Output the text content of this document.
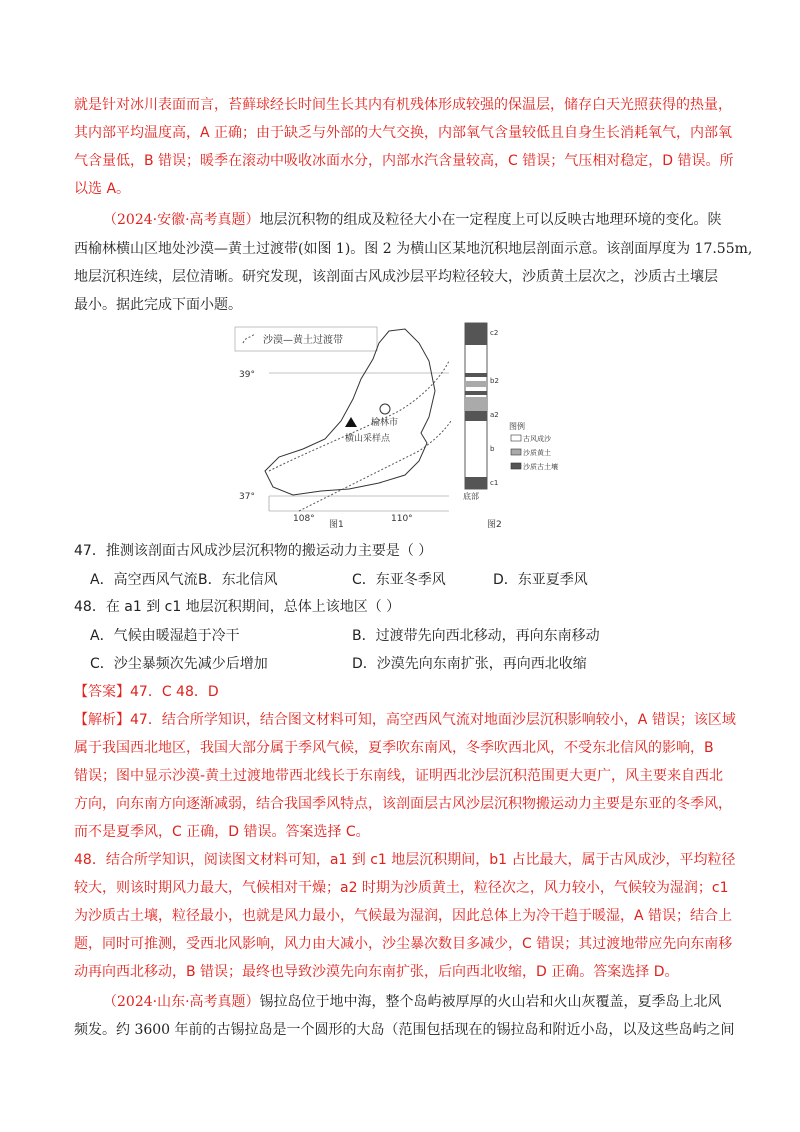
就是针对冰川表面而言，苔藓球经长时间生长其内有机残体形成较强的保温层，储存白天光照获得的热量，

其内部平均温度高，A 正确；由于缺乏与外部的大气交换，内部氧气含量较低且自身生长消耗氧气，内部氧

气含量低，B 错误；暖季在滚动中吸收冰面水分，内部水汽含量较高，C 错误；气压相对稳定，D 错误。所

以选 A。

（2024·安徽·高考真题）地层沉积物的组成及粒径大小在一定程度上可以反映古地理环境的变化。陕

西榆林横山区地处沙漠—黄土过渡带(如图 1)。图 2 为横山区某地沉积地层剖面示意。该剖面厚度为 17.55m,

地层沉积连续，层位清晰。研究发现，该剖面古风成沙层平均粒径较大，沙质黄土层次之，沙质古土壤层

最小。据此完成下面小题。

沙漠—黄土过渡带
39°
37°
108°	110°
榆林市
横山采样点
图1
c2
b2
a2
b
c1
底部
图例
古风成沙
沙质黄土
沙质古土壤
图2

47．推测该剖面古风成沙层沉积物的搬运动力主要是（ ）

A．高空西风气流 B．东北信风	C．东亚冬季风	D．东亚夏季风

48．在 a1 到 c1 地层沉积期间，总体上该地区（ ）

A．气候由暖湿趋于冷干	B．过渡带先向西北移动，再向东南移动
C．沙尘暴频次先减少后增加	D．沙漠先向东南扩张，再向西北收缩

【答案】47．C 48．D

【解析】47．结合所学知识，结合图文材料可知，高空西风气流对地面沙层沉积影响较小，A 错误；该区域

属于我国西北地区，我国大部分属于季风气候，夏季吹东南风，冬季吹西北风，不受东北信风的影响，B

错误；图中显示沙漠-黄土过渡地带西北线长于东南线，证明西北沙层沉积范围更大更广，风主要来自西北

方向，向东南方向逐渐减弱，结合我国季风特点，该剖面层古风沙层沉积物搬运动力主要是东亚的冬季风，

而不是夏季风，C 正确，D 错误。答案选择 C。

48．结合所学知识，阅读图文材料可知，a1 到 c1 地层沉积期间，b1 占比最大，属于古风成沙，平均粒径

较大，则该时期风力最大，气候相对干燥；a2 时期为沙质黄土，粒径次之，风力较小，气候较为湿润；c1

为沙质古土壤，粒径最小，也就是风力最小，气候最为湿润，因此总体上为冷干趋于暖湿，A 错误；结合上

题，同时可推测，受西北风影响，风力由大减小，沙尘暴次数目多减少，C 错误；其过渡地带应先向东南移

动再向西北移动，B 错误；最终也导致沙漠先向东南扩张，后向西北收缩，D 正确。答案选择 D。

（2024·山东·高考真题）锡拉岛位于地中海，整个岛屿被厚厚的火山岩和火山灰覆盖，夏季岛上北风

频发。约 3600 年前的古锡拉岛是一个圆形的大岛（范围包括现在的锡拉岛和附近小岛，以及这些岛屿之间
